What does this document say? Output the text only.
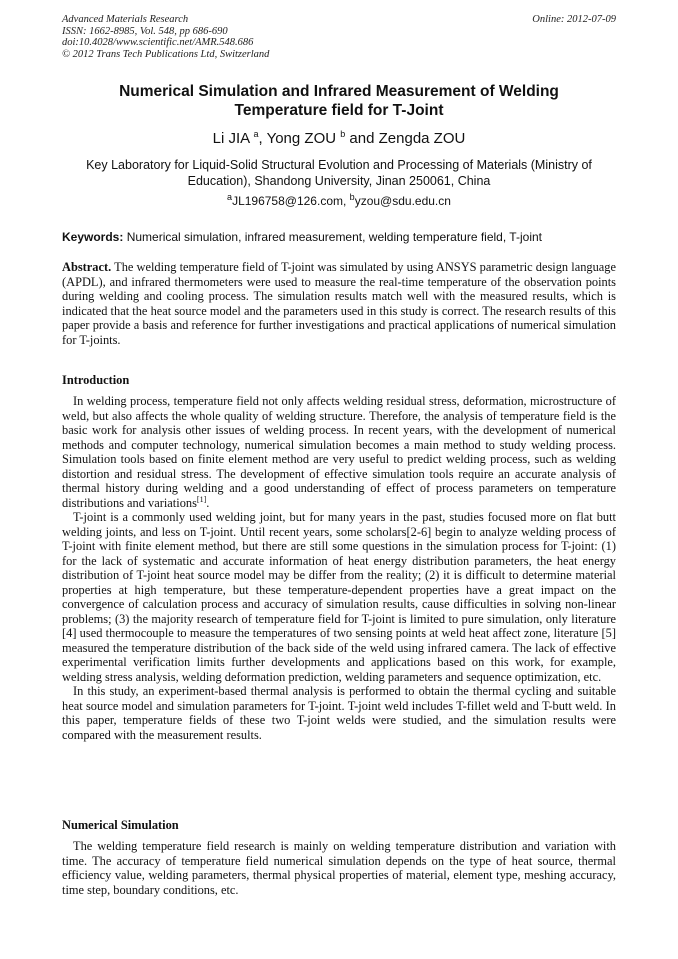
Advanced Materials Research
ISSN: 1662-8985, Vol. 548, pp 686-690
doi:10.4028/www.scientific.net/AMR.548.686
© 2012 Trans Tech Publications Ltd, Switzerland
Online: 2012-07-09
Numerical Simulation and Infrared Measurement of Welding
Temperature field for T-Joint
Li JIA $^a$, Yong ZOU $^b$ and Zengda ZOU
Key Laboratory for Liquid-Solid Structural Evolution and Processing of Materials (Ministry of Education), Shandong University, Jinan 250061, China
$^a$JL196758@126.com, $^b$yzou@sdu.edu.cn
Keywords: Numerical simulation, infrared measurement, welding temperature field, T-joint
Abstract. The welding temperature field of T-joint was simulated by using ANSYS parametric design language (APDL), and infrared thermometers were used to measure the real-time temperature of the observation points during welding and cooling process. The simulation results match well with the measured results, which is indicated that the heat source model and the parameters used in this study is correct. The research results of this paper provide a basis and reference for further investigations and practical applications of numerical simulation for T-joints.
Introduction

In welding process, temperature field not only affects welding residual stress, deformation, microstructure of weld, but also affects the whole quality of welding structure. Therefore, the analysis of temperature field is the basic work for analysis other issues of welding process. In recent years, with the development of numerical methods and computer technology, numerical simulation becomes a main method to study welding process. Simulation tools based on finite element method are very useful to predict welding process, such as welding distortion and residual stress. The development of effective simulation tools require an accurate analysis of thermal history during welding and a good understanding of effect of process parameters on temperature distributions and variations[1].

T-joint is a commonly used welding joint, but for many years in the past, studies focused more on flat butt welding joints, and less on T-joint. Until recent years, some scholars[2-6] begin to analyze welding process of T-joint with finite element method, but there are still some questions in the simulation process for T-joint: (1) for the lack of systematic and accurate information of heat energy distribution parameters, the heat energy distribution of T-joint heat source model may be differ from the reality; (2) it is difficult to determine material properties at high temperature, but these temperature-dependent properties have a great impact on the convergence of calculation process and accuracy of simulation results, cause difficulties in solving non-linear problems; (3) the majority research of temperature field for T-joint is limited to pure simulation, only literature [4] used thermocouple to measure the temperatures of two sensing points at weld heat affect zone, literature [5] measured the temperature distribution of the back side of the weld using infrared camera. The lack of effective experimental verification limits further developments and applications based on this work, for example, welding stress analysis, welding deformation prediction, welding parameters and sequence optimization, etc.

In this study, an experiment-based thermal analysis is performed to obtain the thermal cycling and suitable heat source model and simulation parameters for T-joint. T-joint weld includes T-fillet weld and T-butt weld. In this paper, temperature fields of these two T-joint welds were studied, and the simulation results were compared with the measurement results.

Numerical Simulation

The welding temperature field research is mainly on welding temperature distribution and variation with time. The accuracy of temperature field numerical simulation depends on the type of heat source, thermal efficiency value, welding parameters, thermal physical properties of material, element type, meshing accuracy, time step, boundary conditions, etc.
